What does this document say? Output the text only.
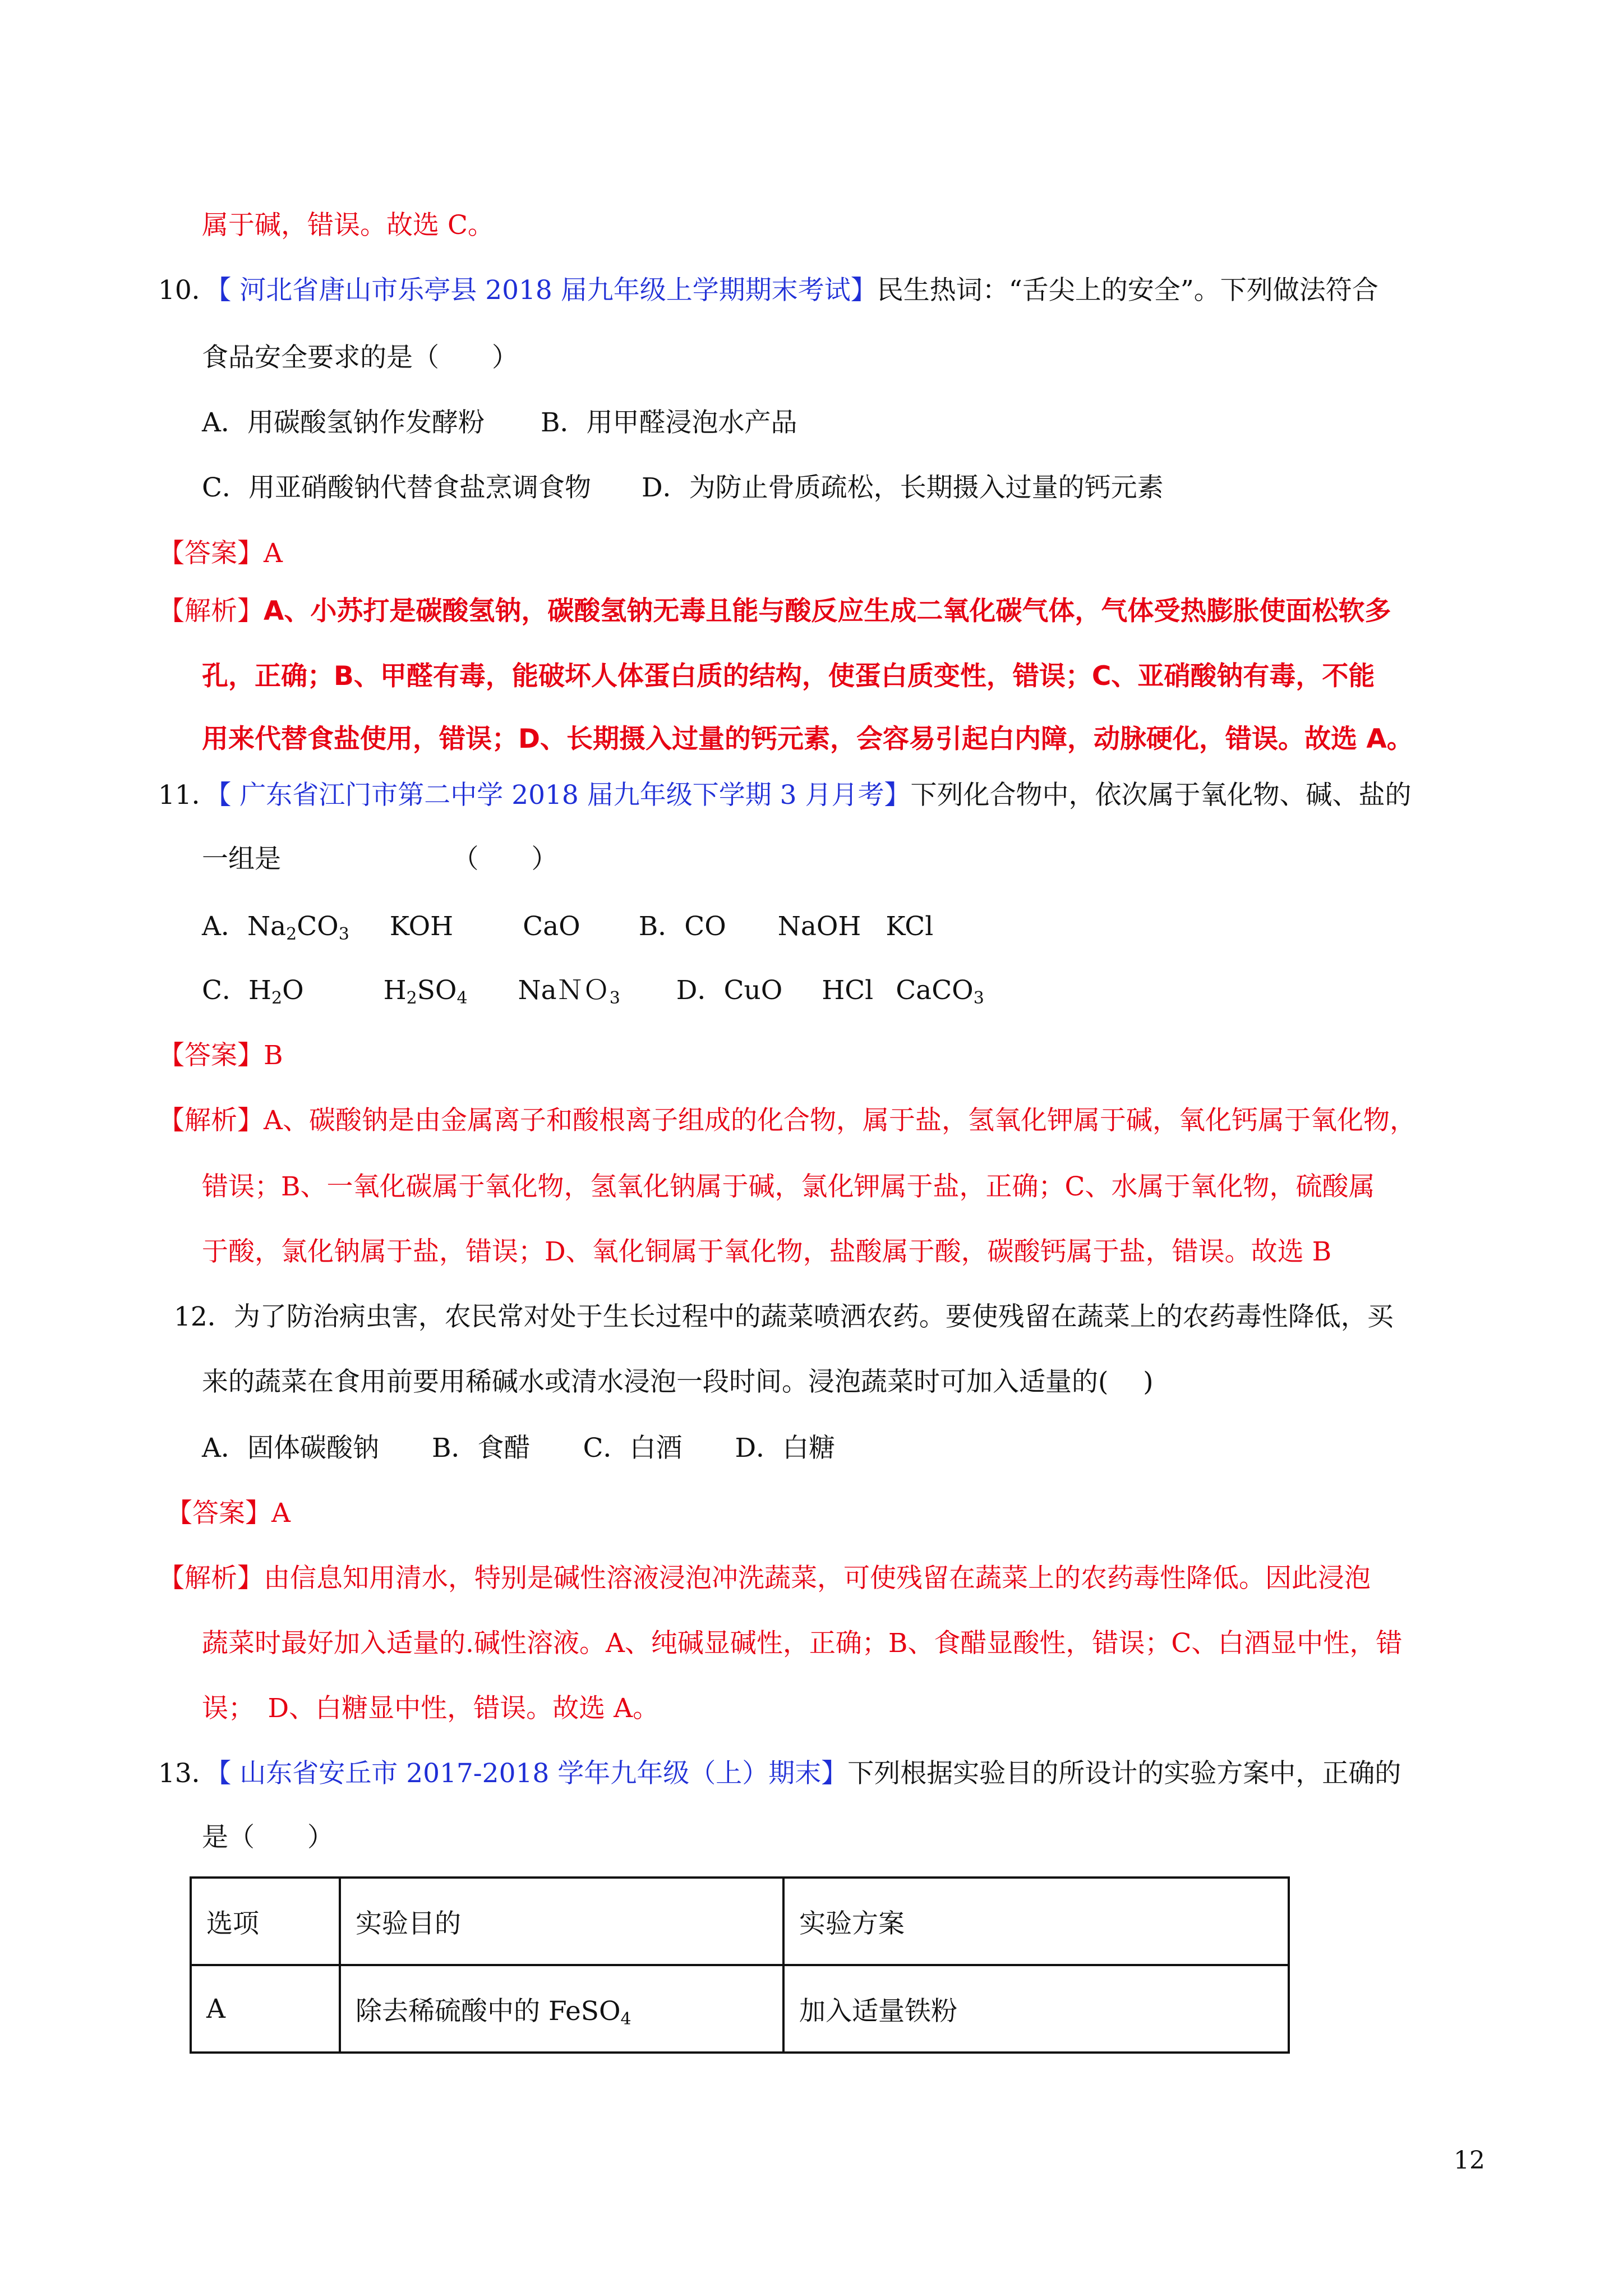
属于碱，错误。故选 C。
10．【 河北省唐山市乐亭县 2018 届九年级上学期期末考试】民生热词：“舌尖上的安全”。下列做法符合
食品安全要求的是（　　）
A．用碳酸氢钠作发酵粉 B．用甲醛浸泡水产品
C．用亚硝酸钠代替食盐烹调食物 D．为防止骨质疏松，长期摄入过量的钙元素
【答案】A
【解析】A、小苏打是碳酸氢钠，碳酸氢钠无毒且能与酸反应生成二氧化碳气体，气体受热膨胀使面松软多
孔，正确；B、甲醛有毒，能破坏人体蛋白质的结构，使蛋白质变性，错误；C、亚硝酸钠有毒，不能
用来代替食盐使用，错误；D、长期摄入过量的钙元素，会容易引起白内障，动脉硬化，错误。故选 A。
11．【 广东省江门市第二中学 2018 届九年级下学期 3 月月考】下列化合物中，依次属于氧化物、碱、盐的
一组是　　　　　　　（　　）
A．$Na_2CO_3$ KOH	CaO B．CO NaOH KCl
C．$H_2O$	$H_2SO_4$ NaＮＯ$_3$ D．CuO HCl CaCO$_3$
【答案】B
【解析】A、碳酸钠是由金属离子和酸根离子组成的化合物，属于盐，氢氧化钾属于碱，氧化钙属于氧化物，
错误；B、一氧化碳属于氧化物，氢氧化钠属于碱，氯化钾属于盐，正确；C、水属于氧化物，硫酸属
于酸，氯化钠属于盐，错误；D、氧化铜属于氧化物，盐酸属于酸，碳酸钙属于盐，错误。故选 B
12．为了防治病虫害，农民常对处于生长过程中的蔬菜喷洒农药。要使残留在蔬菜上的农药毒性降低，买
来的蔬菜在食用前要用稀碱水或清水浸泡一段时间。浸泡蔬菜时可加入适量的(　 )
A．固体碳酸钠　　B．食醋　　C．白酒　　D．白糖
【答案】A
【解析】由信息知用清水，特别是碱性溶液浸泡冲洗蔬菜，可使残留在蔬菜上的农药毒性降低。因此浸泡
蔬菜时最好加入适量的.碱性溶液。A、纯碱显碱性，正确；B、食醋显酸性，错误；C、白酒显中性，错
误；　D、白糖显中性，错误。故选 A。
13．【 山东省安丘市 2017-2018 学年九年级（上）期末】下列根据实验目的所设计的实验方案中，正确的
是（　　）
选项	实验目的	实验方案
A	除去稀硫酸中的 FeSO$_4$	加入适量铁粉
12
